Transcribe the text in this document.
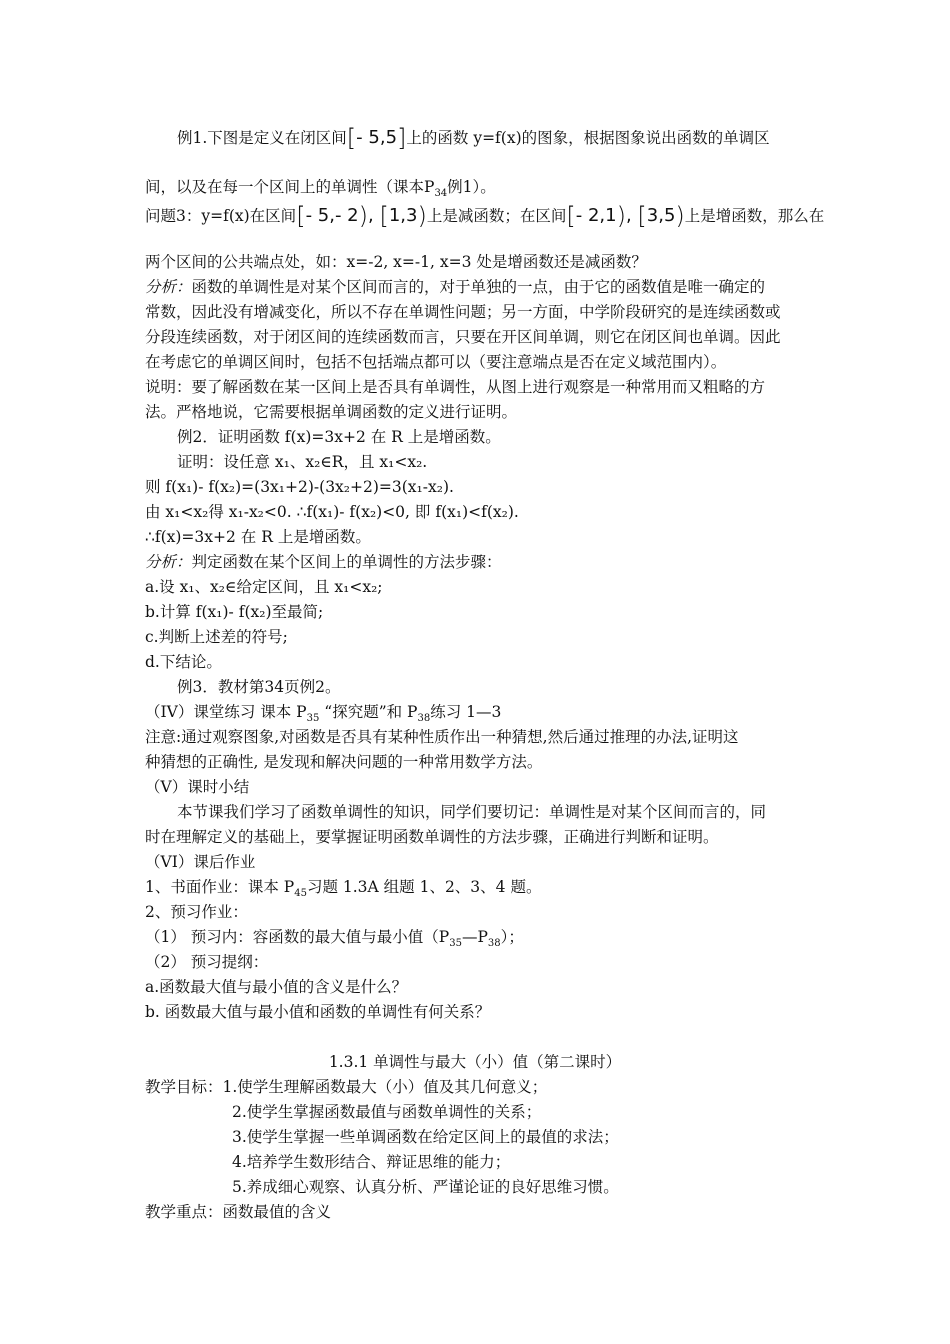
例1.下图是定义在闭区间[- 5,5]上的函数 y=f(x)的图象，根据图象说出函数的单调区
间，以及在每一个区间上的单调性（课本$P_{34}$例1）。
问题3：y=f(x)在区间[- 5,- 2), [1,3)上是减函数；在区间[- 2,1), [3,5)上是增函数，那么在
两个区间的公共端点处，如：x=-2, x=-1, x=3 处是增函数还是减函数？
分析：函数的单调性是对某个区间而言的，对于单独的一点，由于它的函数值是唯一确定的
常数，因此没有增减变化，所以不存在单调性问题；另一方面，中学阶段研究的是连续函数或
分段连续函数，对于闭区间的连续函数而言，只要在开区间单调，则它在闭区间也单调。因此
在考虑它的单调区间时，包括不包括端点都可以（要注意端点是否在定义域范围内）。
说明：要了解函数在某一区间上是否具有单调性，从图上进行观察是一种常用而又粗略的方
法。严格地说，它需要根据单调函数的定义进行证明。
例2．证明函数 f(x)=3x+2 在 R 上是增函数。
证明：设任意 x₁、x₂∈R，且 x₁<x₂.
则 f(x₁)- f(x₂)=(3x₁+2)-(3x₂+2)=3(x₁-x₂).
由 x₁<x₂得 x₁-x₂<0. ∴f(x₁)- f(x₂)<0, 即 f(x₁)<f(x₂).
∴f(x)=3x+2 在 R 上是增函数。
分析：判定函数在某个区间上的单调性的方法步骤：
a.设 x₁、x₂∈给定区间，且 x₁<x₂;
b.计算 f(x₁)- f(x₂)至最简;
c.判断上述差的符号;
d.下结论。
例3．教材第34页例2。
（IV）课堂练习 课本 $P_{35}$ “探究题”和 $P_{38}$练习 1—3
注意:通过观察图象,对函数是否具有某种性质作出一种猜想,然后通过推理的办法,证明这
种猜想的正确性, 是发现和解决问题的一种常用数学方法。
（V）课时小结
本节课我们学习了函数单调性的知识，同学们要切记：单调性是对某个区间而言的，同
时在理解定义的基础上，要掌握证明函数单调性的方法步骤，正确进行判断和证明。
（VI）课后作业
1、书面作业：课本 $P_{45}$习题 1.3A 组题 1、2、3、4 题。
2、预习作业：
（1） 预习内：容函数的最大值与最小值$(P_{35}—P_{38})$；
（2） 预习提纲：
a.函数最大值与最小值的含义是什么？
b. 函数最大值与最小值和函数的单调性有何关系？
1.3.1 单调性与最大（小）值（第二课时）
教学目标：1.使学生理解函数最大（小）值及其几何意义；
2.使学生掌握函数最值与函数单调性的关系；
3.使学生掌握一些单调函数在给定区间上的最值的求法；
4.培养学生数形结合、辩证思维的能力；
5.养成细心观察、认真分析、严谨论证的良好思维习惯。
教学重点：函数最值的含义
